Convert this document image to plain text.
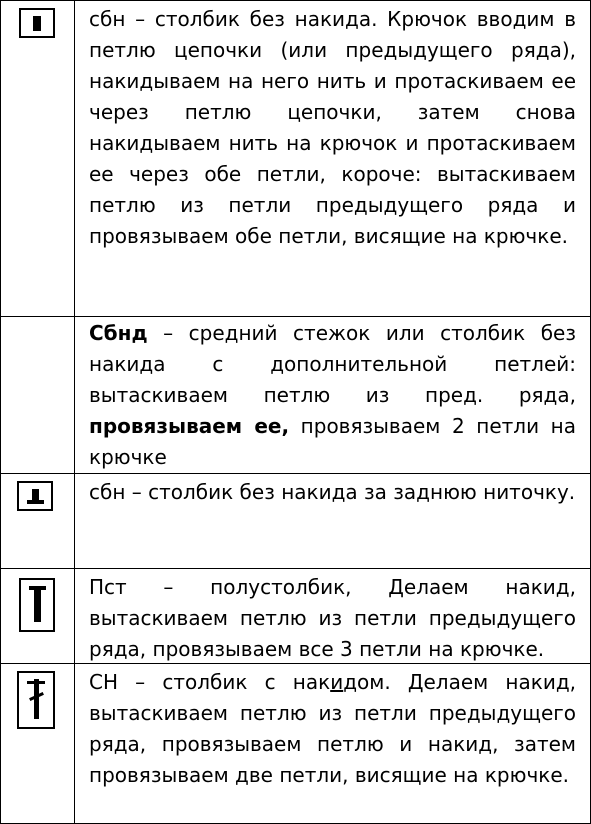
сбн – столбик без накида. Крючок вводим в петлю цепочки (или предыдущего ряда), накидываем на него нить и протаскиваем ее через петлю цепочки, затем снова накидываем нить на крючок и протаскиваем ее через обе петли, короче: вытаскиваем петлю из петли предыдущего ряда и провязываем обе петли, висящие на крючке.

Сбнд – средний стежок или столбик без накида с дополнительной петлей: вытаскиваем петлю из пред. ряда, провязываем ее, провязываем 2 петли на крючке

сбн – столбик без накида за заднюю ниточку.

Пст – полустолбик, Делаем накид, вытаскиваем петлю из петли предыдущего ряда, провязываем все 3 петли на крючке.

СН – столбик с накидом. Делаем накид, вытаскиваем петлю из петли предыдущего ряда, провязываем петлю и накид, затем провязываем две петли, висящие на крючке.
